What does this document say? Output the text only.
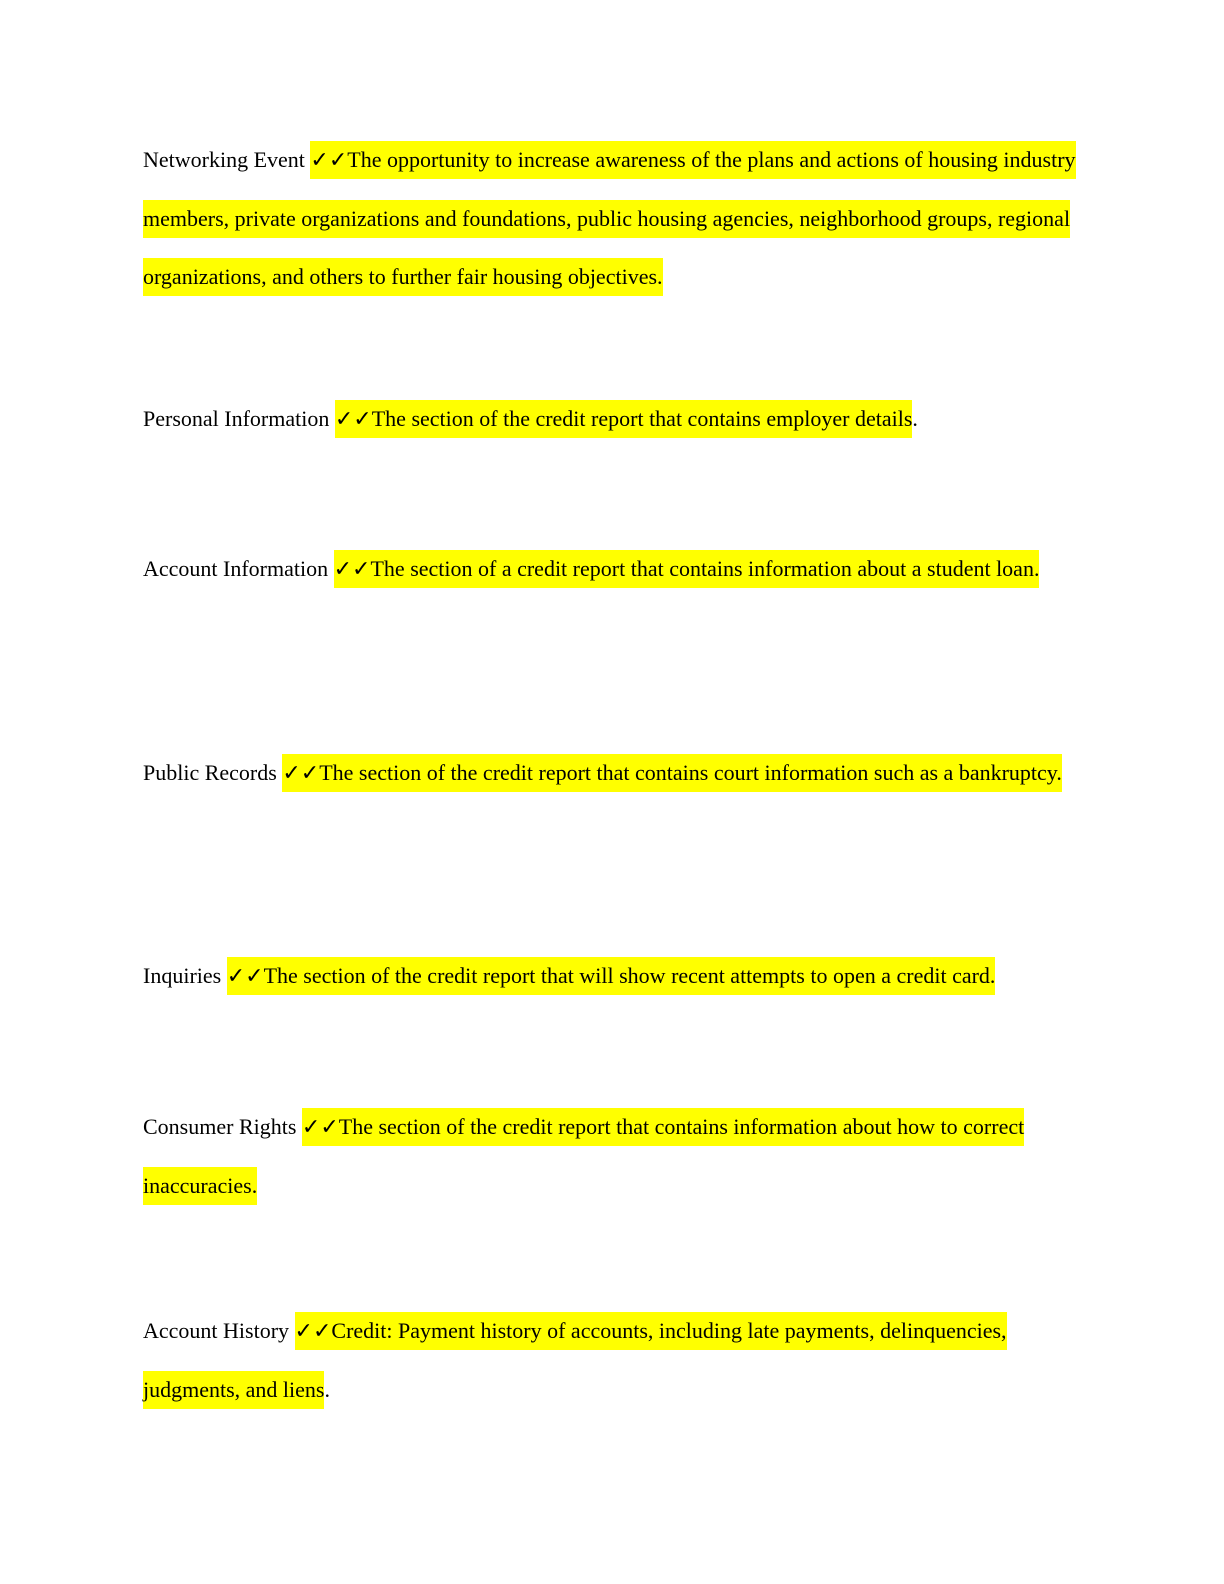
Networking Event ✓✓The opportunity to increase awareness of the plans and actions of housing industry members, private organizations and foundations, public housing agencies, neighborhood groups, regional organizations, and others to further fair housing objectives.
Personal Information ✓✓The section of the credit report that contains employer details.
Account Information ✓✓The section of a credit report that contains information about a student loan.
Public Records ✓✓The section of the credit report that contains court information such as a bankruptcy.
Inquiries ✓✓The section of the credit report that will show recent attempts to open a credit card.
Consumer Rights ✓✓The section of the credit report that contains information about how to correct inaccuracies.
Account History ✓✓Credit: Payment history of accounts, including late payments, delinquencies, judgments, and liens.
